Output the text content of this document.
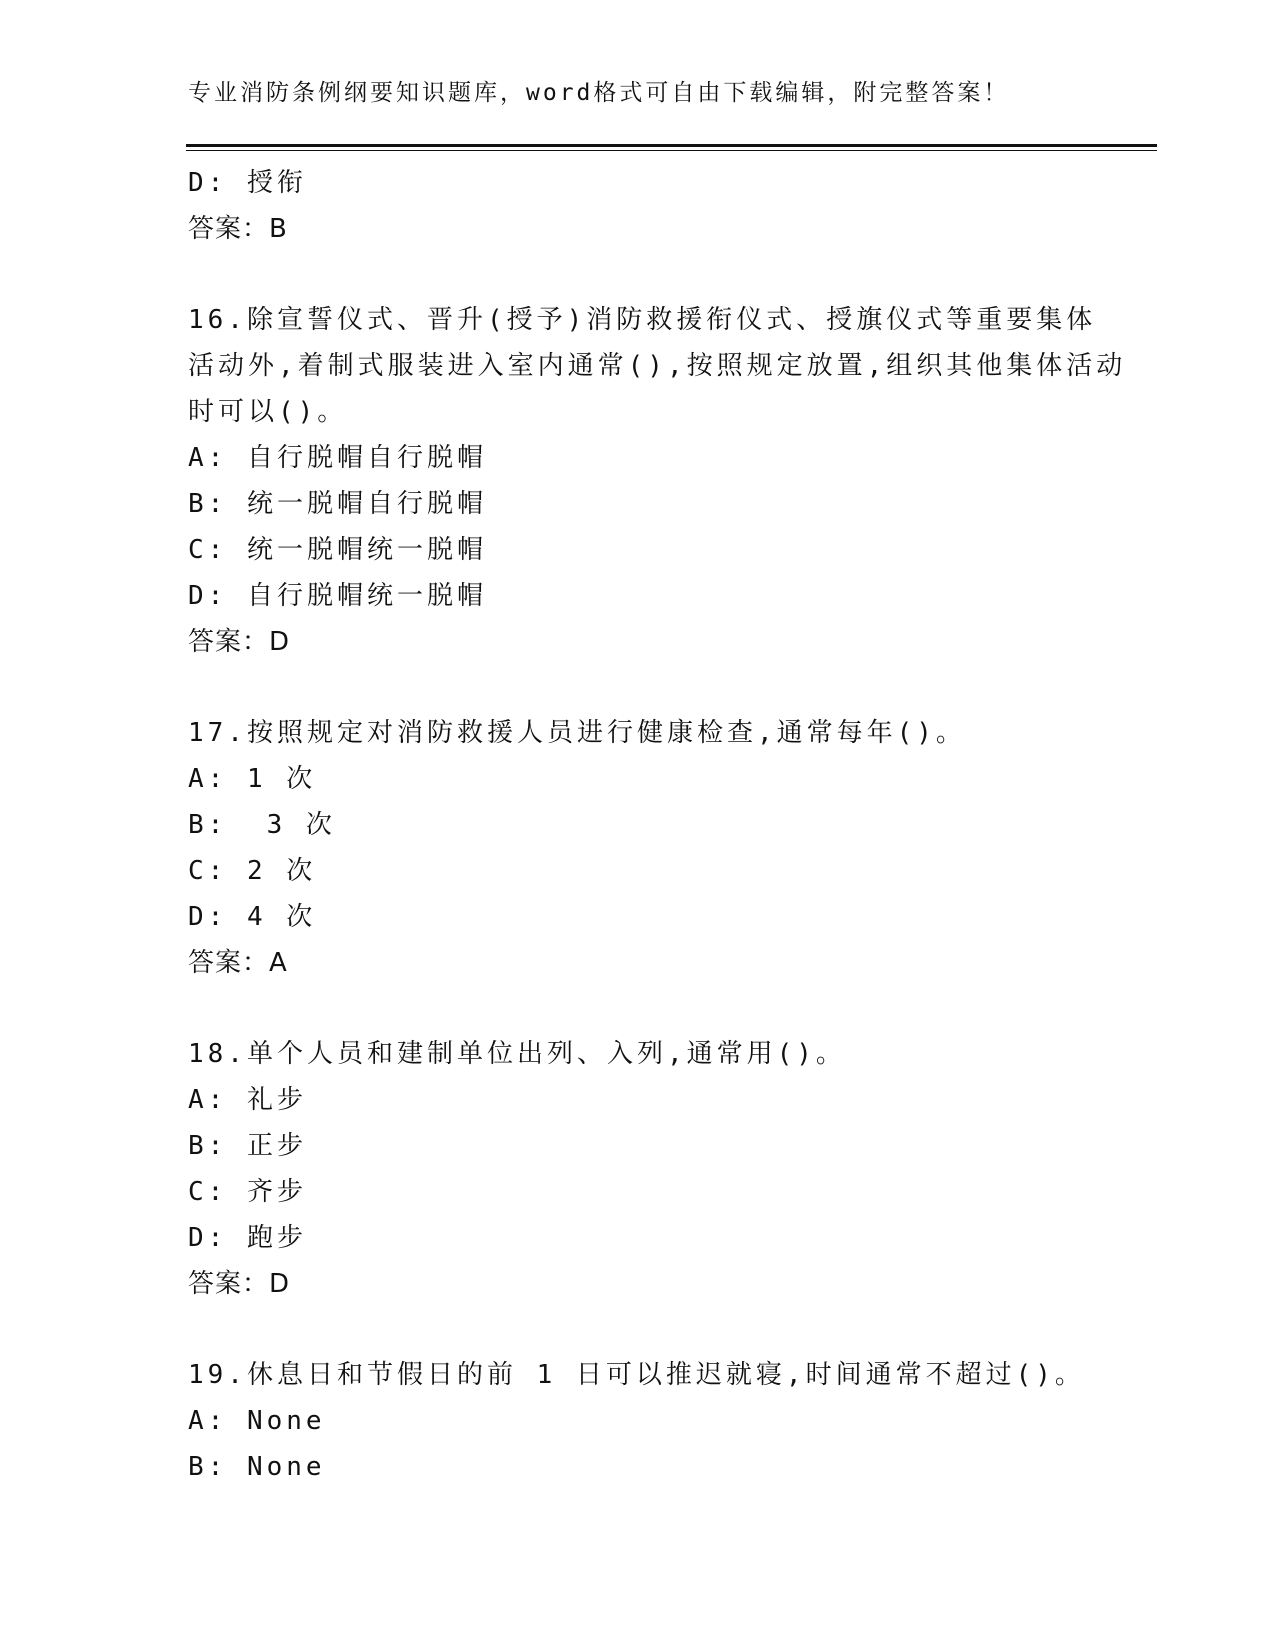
专业消防条例纲要知识题库，word格式可自由下载编辑，附完整答案！
D: 授衔
答案：B
16.除宣誓仪式、晋升(授予)消防救援衔仪式、授旗仪式等重要集体
活动外,着制式服装进入室内通常(),按照规定放置,组织其他集体活动
时可以()。
A: 自行脱帽自行脱帽
B: 统一脱帽自行脱帽
C: 统一脱帽统一脱帽
D: 自行脱帽统一脱帽
答案：D
17.按照规定对消防救援人员进行健康检查,通常每年()。
A: 1 次
B:  3 次
C: 2 次
D: 4 次
答案：A
18.单个人员和建制单位出列、入列,通常用()。
A: 礼步
B: 正步
C: 齐步
D: 跑步
答案：D
19.休息日和节假日的前 1 日可以推迟就寝,时间通常不超过()。
A: None
B: None
